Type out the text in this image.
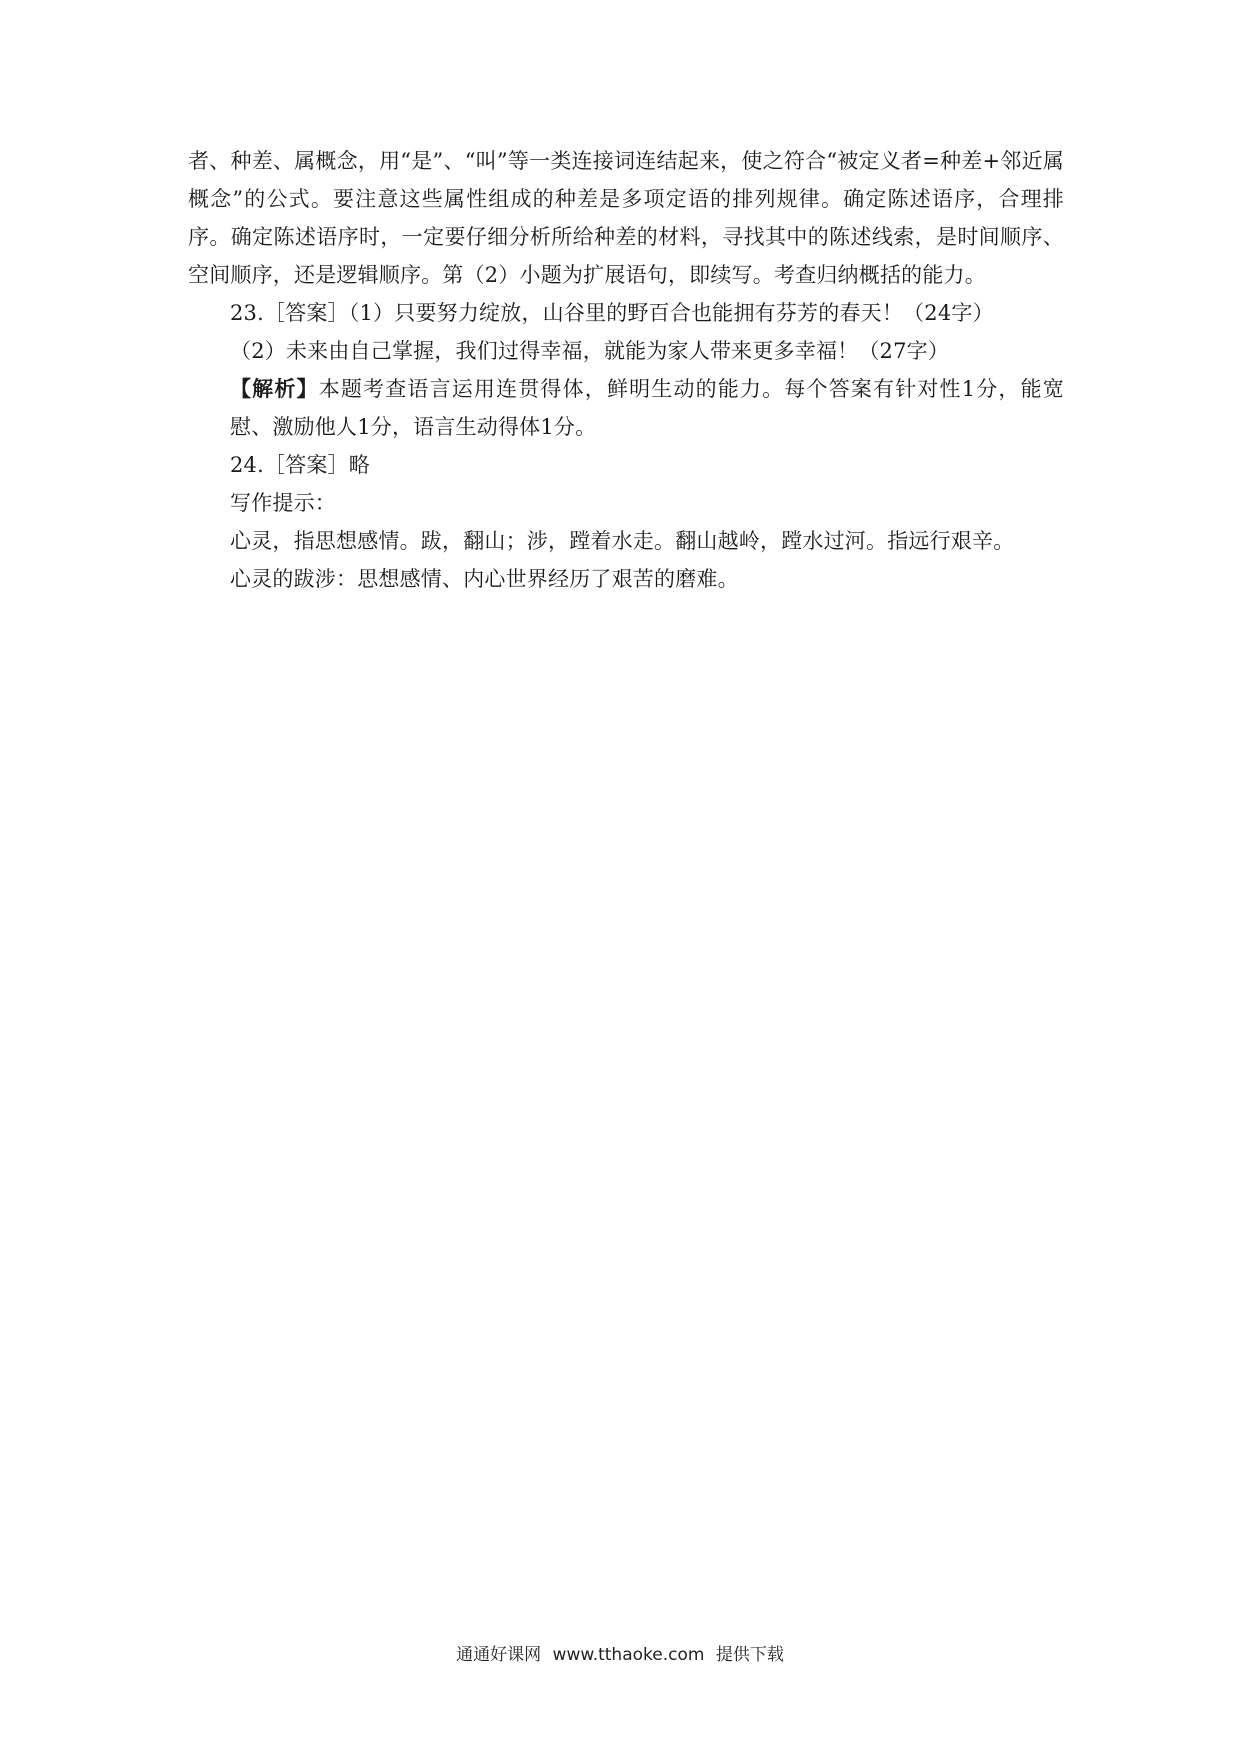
者、种差、属概念，用“是”、“叫”等一类连接词连结起来，使之符合“被定义者=种差+邻近属概念”的公式。要注意这些属性组成的种差是多项定语的排列规律。确定陈述语序，合理排序。确定陈述语序时，一定要仔细分析所给种差的材料，寻找其中的陈述线索，是时间顺序、空间顺序，还是逻辑顺序。第（2）小题为扩展语句，即续写。考查归纳概括的能力。

23.［答案］（1）只要努力绽放，山谷里的野百合也能拥有芬芳的春天！（24字）

（2）未来由自己掌握，我们过得幸福，就能为家人带来更多幸福！（27字）

【解析】本题考查语言运用连贯得体，鲜明生动的能力。每个答案有针对性1分，能宽慰、激励他人1分，语言生动得体1分。

24.［答案］略

写作提示：

心灵，指思想感情。跋，翻山；涉，蹚着水走。翻山越岭，蹚水过河。指远行艰辛。

心灵的跋涉：思想感情、内心世界经历了艰苦的磨难。

通通好课网 www.tthaoke.com 提供下载
